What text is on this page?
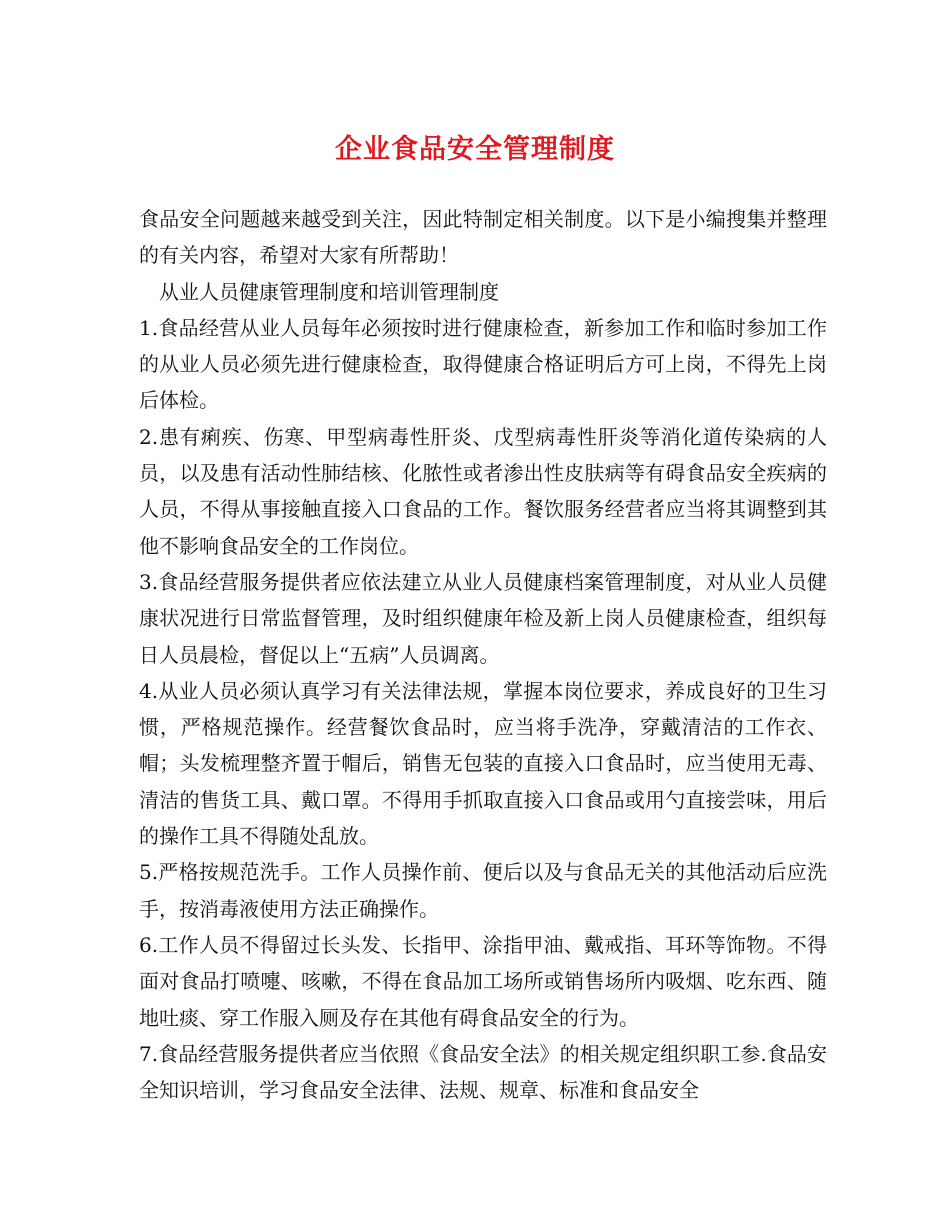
企业食品安全管理制度

食品安全问题越来越受到关注，因此特制定相关制度。以下是小编搜集并整理的有关内容，希望对大家有所帮助！

从业人员健康管理制度和培训管理制度

1.食品经营从业人员每年必须按时进行健康检查，新参加工作和临时参加工作的从业人员必须先进行健康检查，取得健康合格证明后方可上岗，不得先上岗后体检。

2.患有痢疾、伤寒、甲型病毒性肝炎、戊型病毒性肝炎等消化道传染病的人员，以及患有活动性肺结核、化脓性或者渗出性皮肤病等有碍食品安全疾病的人员，不得从事接触直接入口食品的工作。餐饮服务经营者应当将其调整到其他不影响食品安全的工作岗位。

3.食品经营服务提供者应依法建立从业人员健康档案管理制度，对从业人员健康状况进行日常监督管理，及时组织健康年检及新上岗人员健康检查，组织每日人员晨检，督促以上“五病”人员调离。

4.从业人员必须认真学习有关法律法规，掌握本岗位要求，养成良好的卫生习惯，严格规范操作。经营餐饮食品时，应当将手洗净，穿戴清洁的工作衣、帽；头发梳理整齐置于帽后，销售无包装的直接入口食品时，应当使用无毒、清洁的售货工具、戴口罩。不得用手抓取直接入口食品或用勺直接尝味，用后的操作工具不得随处乱放。

5.严格按规范洗手。工作人员操作前、便后以及与食品无关的其他活动后应洗手，按消毒液使用方法正确操作。

6.工作人员不得留过长头发、长指甲、涂指甲油、戴戒指、耳环等饰物。不得面对食品打喷嚏、咳嗽，不得在食品加工场所或销售场所内吸烟、吃东西、随地吐痰、穿工作服入厕及存在其他有碍食品安全的行为。

7.食品经营服务提供者应当依照《食品安全法》的相关规定组织职工参.食品安全知识培训，学习食品安全法律、法规、规章、标准和食品安全
